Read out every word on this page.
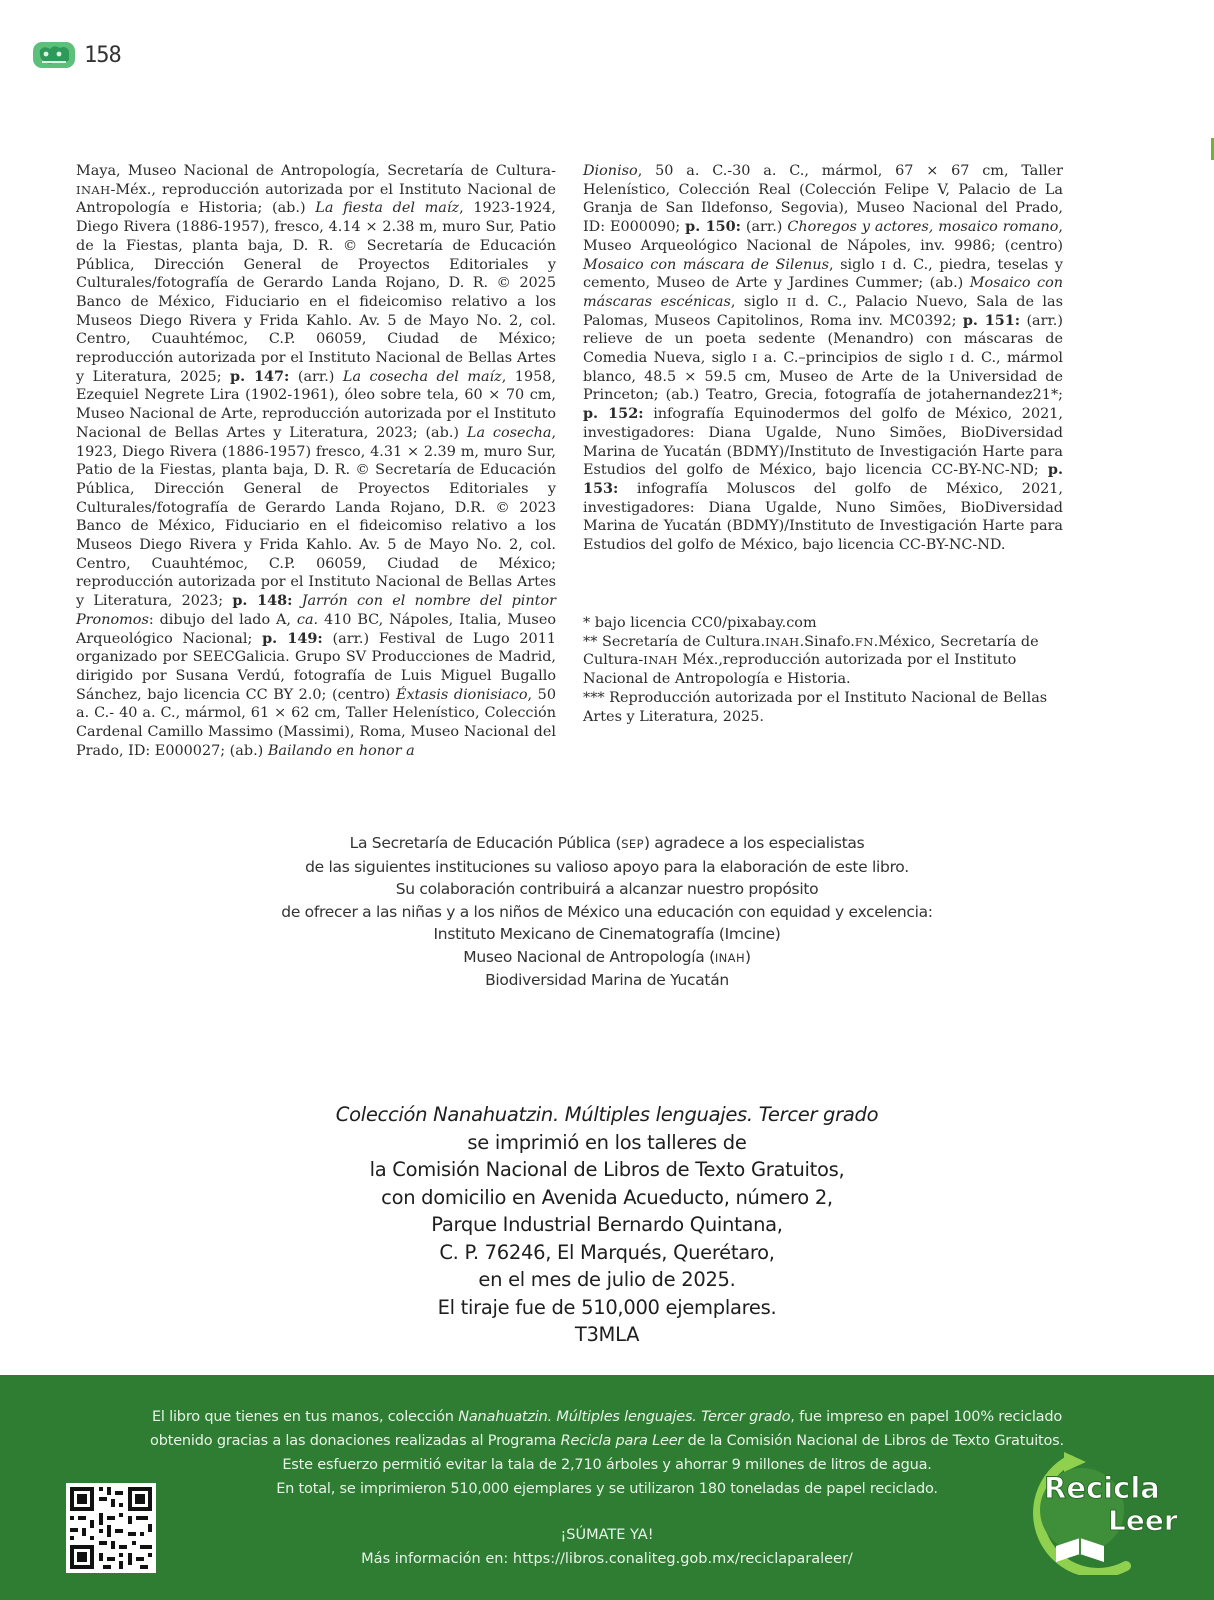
158

Maya, Museo Nacional de Antropología, Secretaría de Cultura-INAH-Méx., reproducción autorizada por el Instituto Nacional de Antropología e Historia; (ab.) La fiesta del maíz, 1923-1924, Diego Rivera (1886-1957), fresco, 4.14 × 2.38 m, muro Sur, Patio de la Fiestas, planta baja, D. R. © Secretaría de Educación Pública, Dirección General de Proyectos Editoriales y Culturales/fotografía de Gerardo Landa Rojano, D. R. © 2025 Banco de México, Fiduciario en el fideicomiso relativo a los Museos Diego Rivera y Frida Kahlo. Av. 5 de Mayo No. 2, col. Centro, Cuauhtémoc, C.P. 06059, Ciudad de México; reproducción autorizada por el Instituto Nacional de Bellas Artes y Literatura, 2025; p. 147: (arr.) La cosecha del maíz, 1958, Ezequiel Negrete Lira (1902-1961), óleo sobre tela, 60 × 70 cm, Museo Nacional de Arte, reproducción autorizada por el Instituto Nacional de Bellas Artes y Literatura, 2023; (ab.) La cosecha, 1923, Diego Rivera (1886-1957) fresco, 4.31 × 2.39 m, muro Sur, Patio de la Fiestas, planta baja, D. R. © Secretaría de Educación Pública, Dirección General de Proyectos Editoriales y Culturales/fotografía de Gerardo Landa Rojano, D.R. © 2023 Banco de México, Fiduciario en el fideicomiso relativo a los Museos Diego Rivera y Frida Kahlo. Av. 5 de Mayo No. 2, col. Centro, Cuauhtémoc, C.P. 06059, Ciudad de México; reproducción autorizada por el Instituto Nacional de Bellas Artes y Literatura, 2023; p. 148: Jarrón con el nombre del pintor Pronomos: dibujo del lado A, ca. 410 BC, Nápoles, Italia, Museo Arqueológico Nacional; p. 149: (arr.) Festival de Lugo 2011 organizado por SEECGalicia. Grupo SV Producciones de Madrid, dirigido por Susana Verdú, fotografía de Luis Miguel Bugallo Sánchez, bajo licencia CC BY 2.0; (centro) Éxtasis dionisiaco, 50 a. C.- 40 a. C., mármol, 61 × 62 cm, Taller Helenístico, Colección Cardenal Camillo Massimo (Massimi), Roma, Museo Nacional del Prado, ID: E000027; (ab.) Bailando en honor a

Dioniso, 50 a. C.-30 a. C., mármol, 67 × 67 cm, Taller Helenístico, Colección Real (Colección Felipe V, Palacio de La Granja de San Ildefonso, Segovia), Museo Nacional del Prado, ID: E000090; p. 150: (arr.) Choregos y actores, mosaico romano, Museo Arqueológico Nacional de Nápoles, inv. 9986; (centro) Mosaico con máscara de Silenus, siglo I d. C., piedra, teselas y cemento, Museo de Arte y Jardines Cummer; (ab.) Mosaico con máscaras escénicas, siglo II d. C., Palacio Nuevo, Sala de las Palomas, Museos Capitolinos, Roma inv. MC0392; p. 151: (arr.) relieve de un poeta sedente (Menandro) con máscaras de Comedia Nueva, siglo I a. C.–principios de siglo I d. C., mármol blanco, 48.5 × 59.5 cm, Museo de Arte de la Universidad de Princeton; (ab.) Teatro, Grecia, fotografía de jotahernandez21*; p. 152: infografía Equinodermos del golfo de México, 2021, investigadores: Diana Ugalde, Nuno Simões, BioDiversidad Marina de Yucatán (BDMY)/Instituto de Investigación Harte para Estudios del golfo de México, bajo licencia CC-BY-NC-ND; p. 153: infografía Moluscos del golfo de México, 2021, investigadores: Diana Ugalde, Nuno Simões, BioDiversidad Marina de Yucatán (BDMY)/Instituto de Investigación Harte para Estudios del golfo de México, bajo licencia CC-BY-NC-ND.

* bajo licencia CC0/pixabay.com
** Secretaría de Cultura.INAH.Sinafo.FN.México, Secretaría de Cultura-INAH Méx.,reproducción autorizada por el Instituto Nacional de Antropología e Historia.
*** Reproducción autorizada por el Instituto Nacional de Bellas Artes y Literatura, 2025.
La Secretaría de Educación Pública (SEP) agradece a los especialistas
de las siguientes instituciones su valioso apoyo para la elaboración de este libro.
Su colaboración contribuirá a alcanzar nuestro propósito
de ofrecer a las niñas y a los niños de México una educación con equidad y excelencia:
Instituto Mexicano de Cinematografía (Imcine)
Museo Nacional de Antropología (INAH)
Biodiversidad Marina de Yucatán
Colección Nanahuatzin. Múltiples lenguajes. Tercer grado
se imprimió en los talleres de
la Comisión Nacional de Libros de Texto Gratuitos,
con domicilio en Avenida Acueducto, número 2,
Parque Industrial Bernardo Quintana,
C. P. 76246, El Marqués, Querétaro,
en el mes de julio de 2025.
El tiraje fue de 510,000 ejemplares.
T3MLA
El libro que tienes en tus manos, colección Nanahuatzin. Múltiples lenguajes. Tercer grado, fue impreso en papel 100% reciclado
obtenido gracias a las donaciones realizadas al Programa Recicla para Leer de la Comisión Nacional de Libros de Texto Gratuitos.
Este esfuerzo permitió evitar la tala de 2,710 árboles y ahorrar 9 millones de litros de agua.
En total, se imprimieron 510,000 ejemplares y se utilizaron 180 toneladas de papel reciclado.
¡SÚMATE YA!
Más información en: https://libros.conaliteg.gob.mx/reciclaparaleer/
Recicla
Leer
